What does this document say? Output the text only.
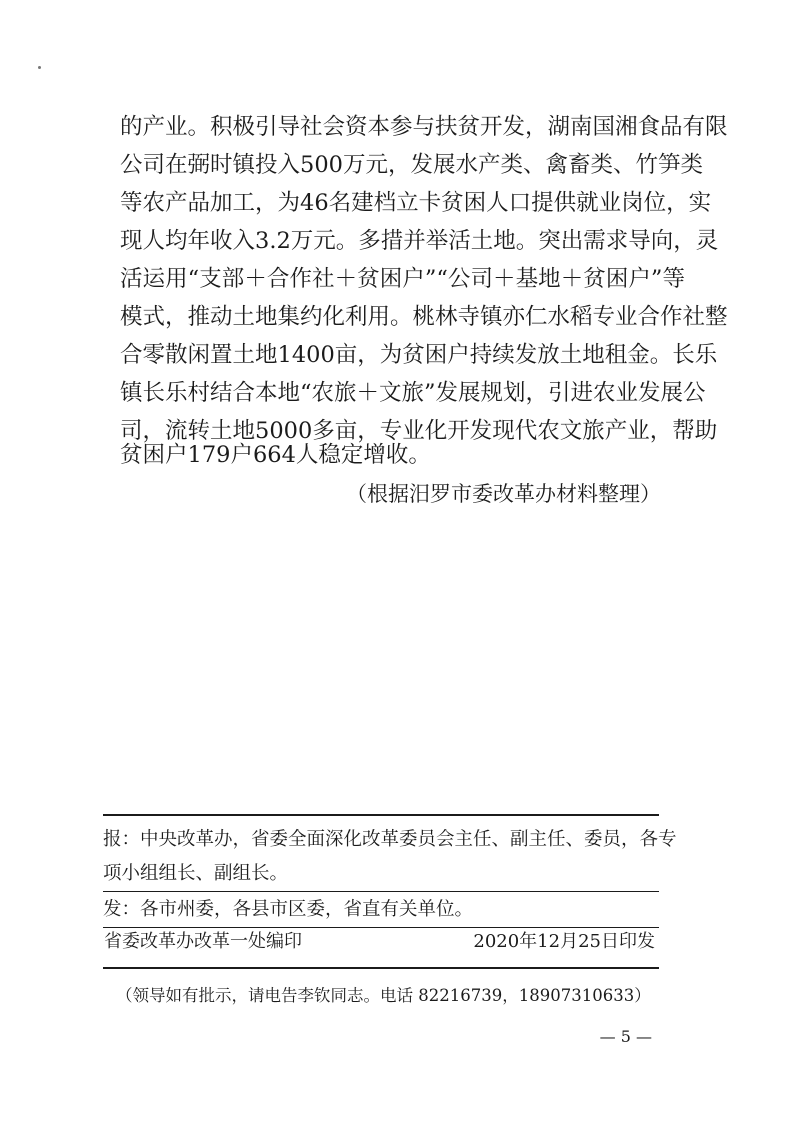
的产业。积极引导社会资本参与扶贫开发，湖南国湘食品有限
公司在弼时镇投入500万元，发展水产类、禽畜类、竹笋类
等农产品加工，为46名建档立卡贫困人口提供就业岗位，实
现人均年收入3.2万元。多措并举活土地。突出需求导向，灵
活运用“支部＋合作社＋贫困户”“公司＋基地＋贫困户”等
模式，推动土地集约化利用。桃林寺镇亦仁水稻专业合作社整
合零散闲置土地1400亩，为贫困户持续发放土地租金。长乐
镇长乐村结合本地“农旅＋文旅”发展规划，引进农业发展公
司，流转土地5000多亩，专业化开发现代农文旅产业，帮助
贫困户179户664人稳定增收。
（根据汨罗市委改革办材料整理）
报：中央改革办，省委全面深化改革委员会主任、副主任、委员，各专
项小组组长、副组长。
发：各市州委，各县市区委，省直有关单位。
省委改革办改革一处编印	2020年12月25日印发
（领导如有批示，请电告李钦同志。电话 82216739，18907310633）
— 5 —
